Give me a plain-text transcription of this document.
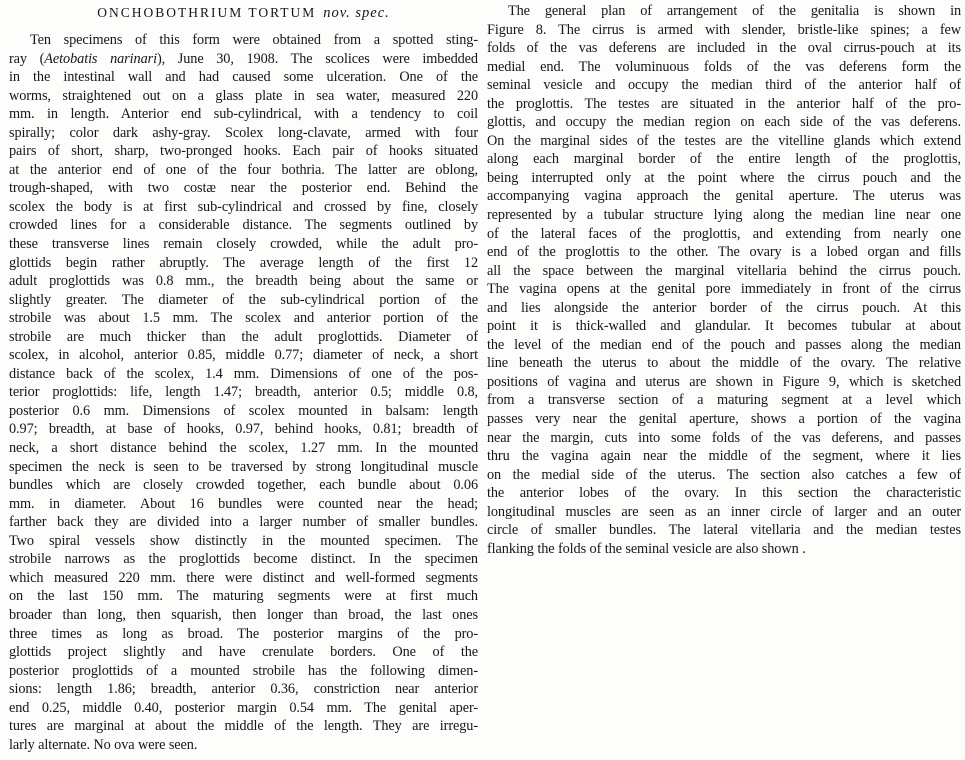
ONCHOBOTHRIUM TORTUM nov. spec.
Ten specimens of this form were obtained from a spotted sting-
ray (Aetobatis narinari), June 30, 1908. The scolices were imbedded
in the intestinal wall and had caused some ulceration. One of the
worms, straightened out on a glass plate in sea water, measured 220
mm. in length. Anterior end sub-cylindrical, with a tendency to coil
spirally; color dark ashy-gray. Scolex long-clavate, armed with four
pairs of short, sharp, two-pronged hooks. Each pair of hooks situated
at the anterior end of one of the four bothria. The latter are oblong,
trough-shaped, with two costæ near the posterior end. Behind the
scolex the body is at first sub-cylindrical and crossed by fine, closely
crowded lines for a considerable distance. The segments outlined by
these transverse lines remain closely crowded, while the adult pro-
glottids begin rather abruptly. The average length of the first 12
adult proglottids was 0.8 mm., the breadth being about the same or
slightly greater. The diameter of the sub-cylindrical portion of the
strobile was about 1.5 mm. The scolex and anterior portion of the
strobile are much thicker than the adult proglottids. Diameter of
scolex, in alcohol, anterior 0.85, middle 0.77; diameter of neck, a short
distance back of the scolex, 1.4 mm. Dimensions of one of the pos-
terior proglottids: life, length 1.47; breadth, anterior 0.5; middle 0.8,
posterior 0.6 mm. Dimensions of scolex mounted in balsam: length
0.97; breadth, at base of hooks, 0.97, behind hooks, 0.81; breadth of
neck, a short distance behind the scolex, 1.27 mm. In the mounted
specimen the neck is seen to be traversed by strong longitudinal muscle
bundles which are closely crowded together, each bundle about 0.06
mm. in diameter. About 16 bundles were counted near the head;
farther back they are divided into a larger number of smaller bundles.
Two spiral vessels show distinctly in the mounted specimen. The
strobile narrows as the proglottids become distinct. In the specimen
which measured 220 mm. there were distinct and well-formed segments
on the last 150 mm. The maturing segments were at first much
broader than long, then squarish, then longer than broad, the last ones
three times as long as broad. The posterior margins of the pro-
glottids project slightly and have crenulate borders. One of the
posterior proglottids of a mounted strobile has the following dimen-
sions: length 1.86; breadth, anterior 0.36, constriction near anterior
end 0.25, middle 0.40, posterior margin 0.54 mm. The genital aper-
tures are marginal at about the middle of the length. They are irregu-
larly alternate. No ova were seen.
The general plan of arrangement of the genitalia is shown in
Figure 8. The cirrus is armed with slender, bristle-like spines; a few
folds of the vas deferens are included in the oval cirrus-pouch at its
medial end. The voluminuous folds of the vas deferens form the
seminal vesicle and occupy the median third of the anterior half of
the proglottis. The testes are situated in the anterior half of the pro-
glottis, and occupy the median region on each side of the vas deferens.
On the marginal sides of the testes are the vitelline glands which extend
along each marginal border of the entire length of the proglottis,
being interrupted only at the point where the cirrus pouch and the
accompanying vagina approach the genital aperture. The uterus was
represented by a tubular structure lying along the median line near one
of the lateral faces of the proglottis, and extending from nearly one
end of the proglottis to the other. The ovary is a lobed organ and fills
all the space between the marginal vitellaria behind the cirrus pouch.
The vagina opens at the genital pore immediately in front of the cirrus
and lies alongside the anterior border of the cirrus pouch. At this
point it is thick-walled and glandular. It becomes tubular at about
the level of the median end of the pouch and passes along the median
line beneath the uterus to about the middle of the ovary. The relative
positions of vagina and uterus are shown in Figure 9, which is sketched
from a transverse section of a maturing segment at a level which
passes very near the genital aperture, shows a portion of the vagina
near the margin, cuts into some folds of the vas deferens, and passes
thru the vagina again near the middle of the segment, where it lies
on the medial side of the uterus. The section also catches a few of
the anterior lobes of the ovary. In this section the characteristic
longitudinal muscles are seen as an inner circle of larger and an outer
circle of smaller bundles. The lateral vitellaria and the median testes
flanking the folds of the seminal vesicle are also shown .
